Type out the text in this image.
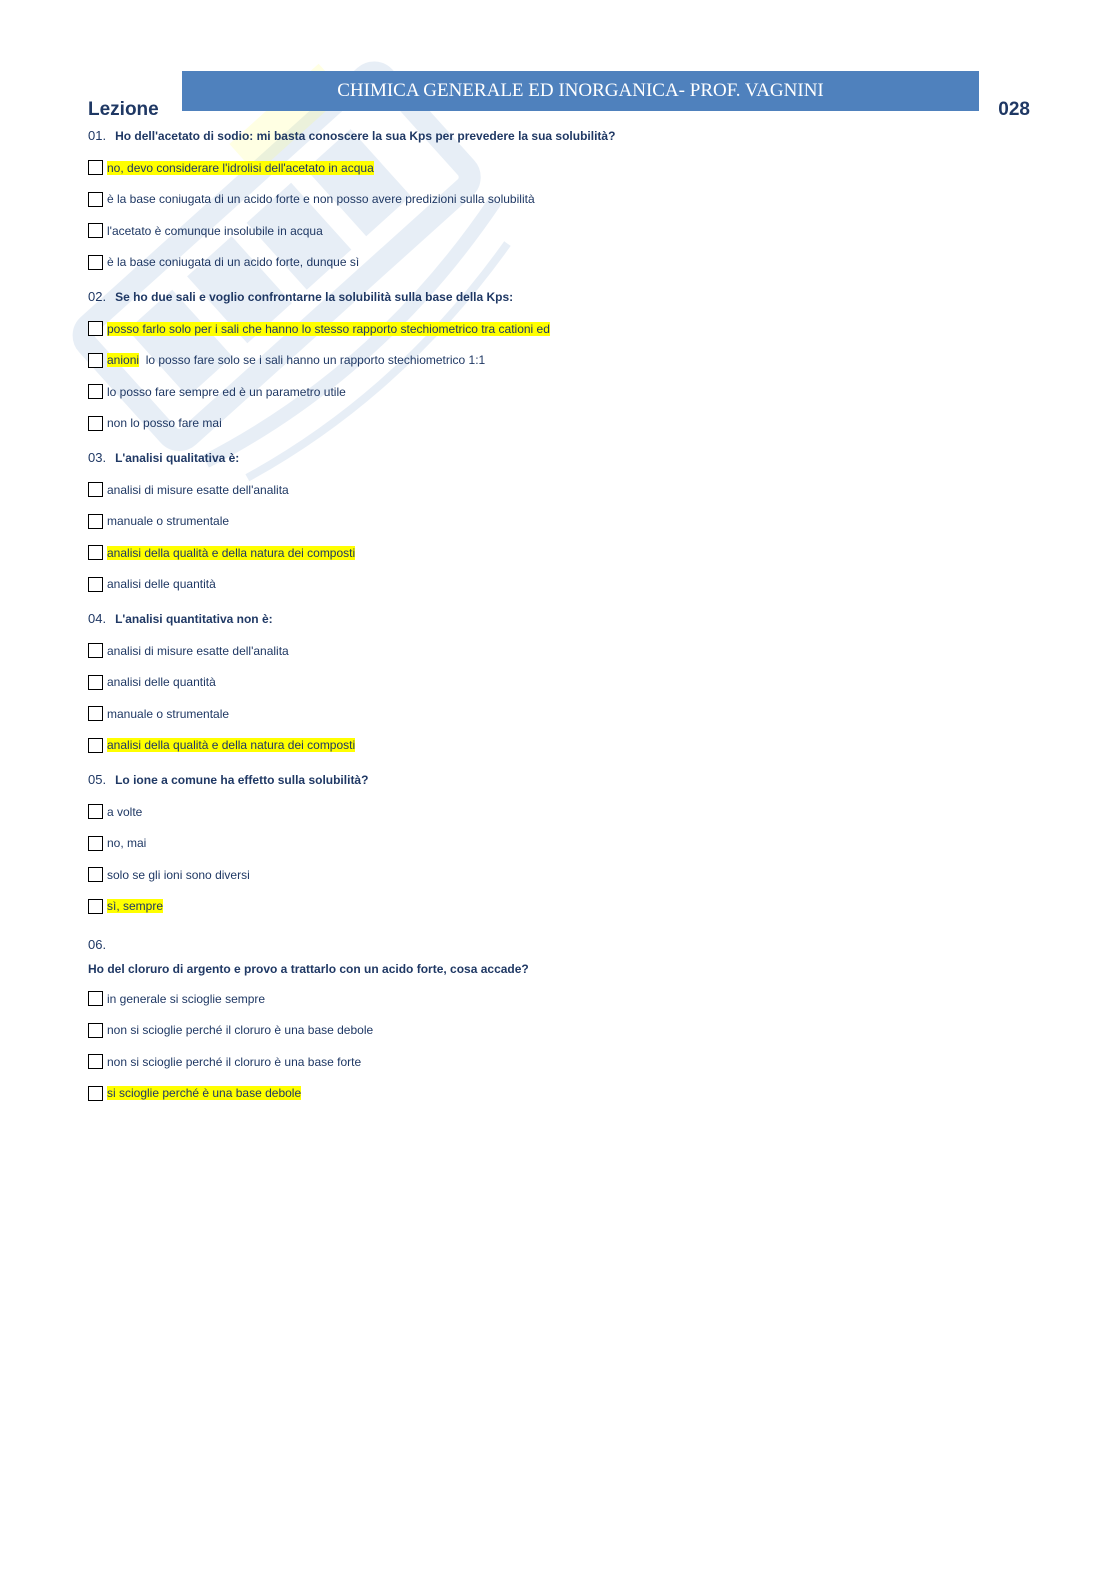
CHIMICA GENERALE ED INORGANICA- PROF. VAGNINI
Lezione	028
01. Ho dell'acetato di sodio: mi basta conoscere la sua Kps per prevedere la sua solubilità?
no, devo considerare l'idrolisi dell'acetato in acqua
è la base coniugata di un acido forte e non posso avere predizioni sulla solubilità
l'acetato è comunque insolubile in acqua
è la base coniugata di un acido forte, dunque sì
02. Se ho due sali e voglio confrontarne la solubilità sulla base della Kps:
posso farlo solo per i sali che hanno lo stesso rapporto stechiometrico tra cationi ed
anioni  lo posso fare solo se i sali hanno un rapporto stechiometrico 1:1
lo posso fare sempre ed è un parametro utile
non lo posso fare mai
03. L'analisi qualitativa è:
analisi di misure esatte dell'analita
manuale o strumentale
analisi della qualità e della natura dei composti
analisi delle quantità
04. L'analisi quantitativa non è:
analisi di misure esatte dell'analita
analisi delle quantità
manuale o strumentale
analisi della qualità e della natura dei composti
05. Lo ione a comune ha effetto sulla solubilità?
a volte
no, mai
solo se gli ioni sono diversi
sì, sempre
06.
Ho del cloruro di argento e provo a trattarlo con un acido forte, cosa accade?
in generale si scioglie sempre
non si scioglie perché il cloruro è una base debole
non si scioglie perché il cloruro è una base forte
si scioglie perché è una base debole
